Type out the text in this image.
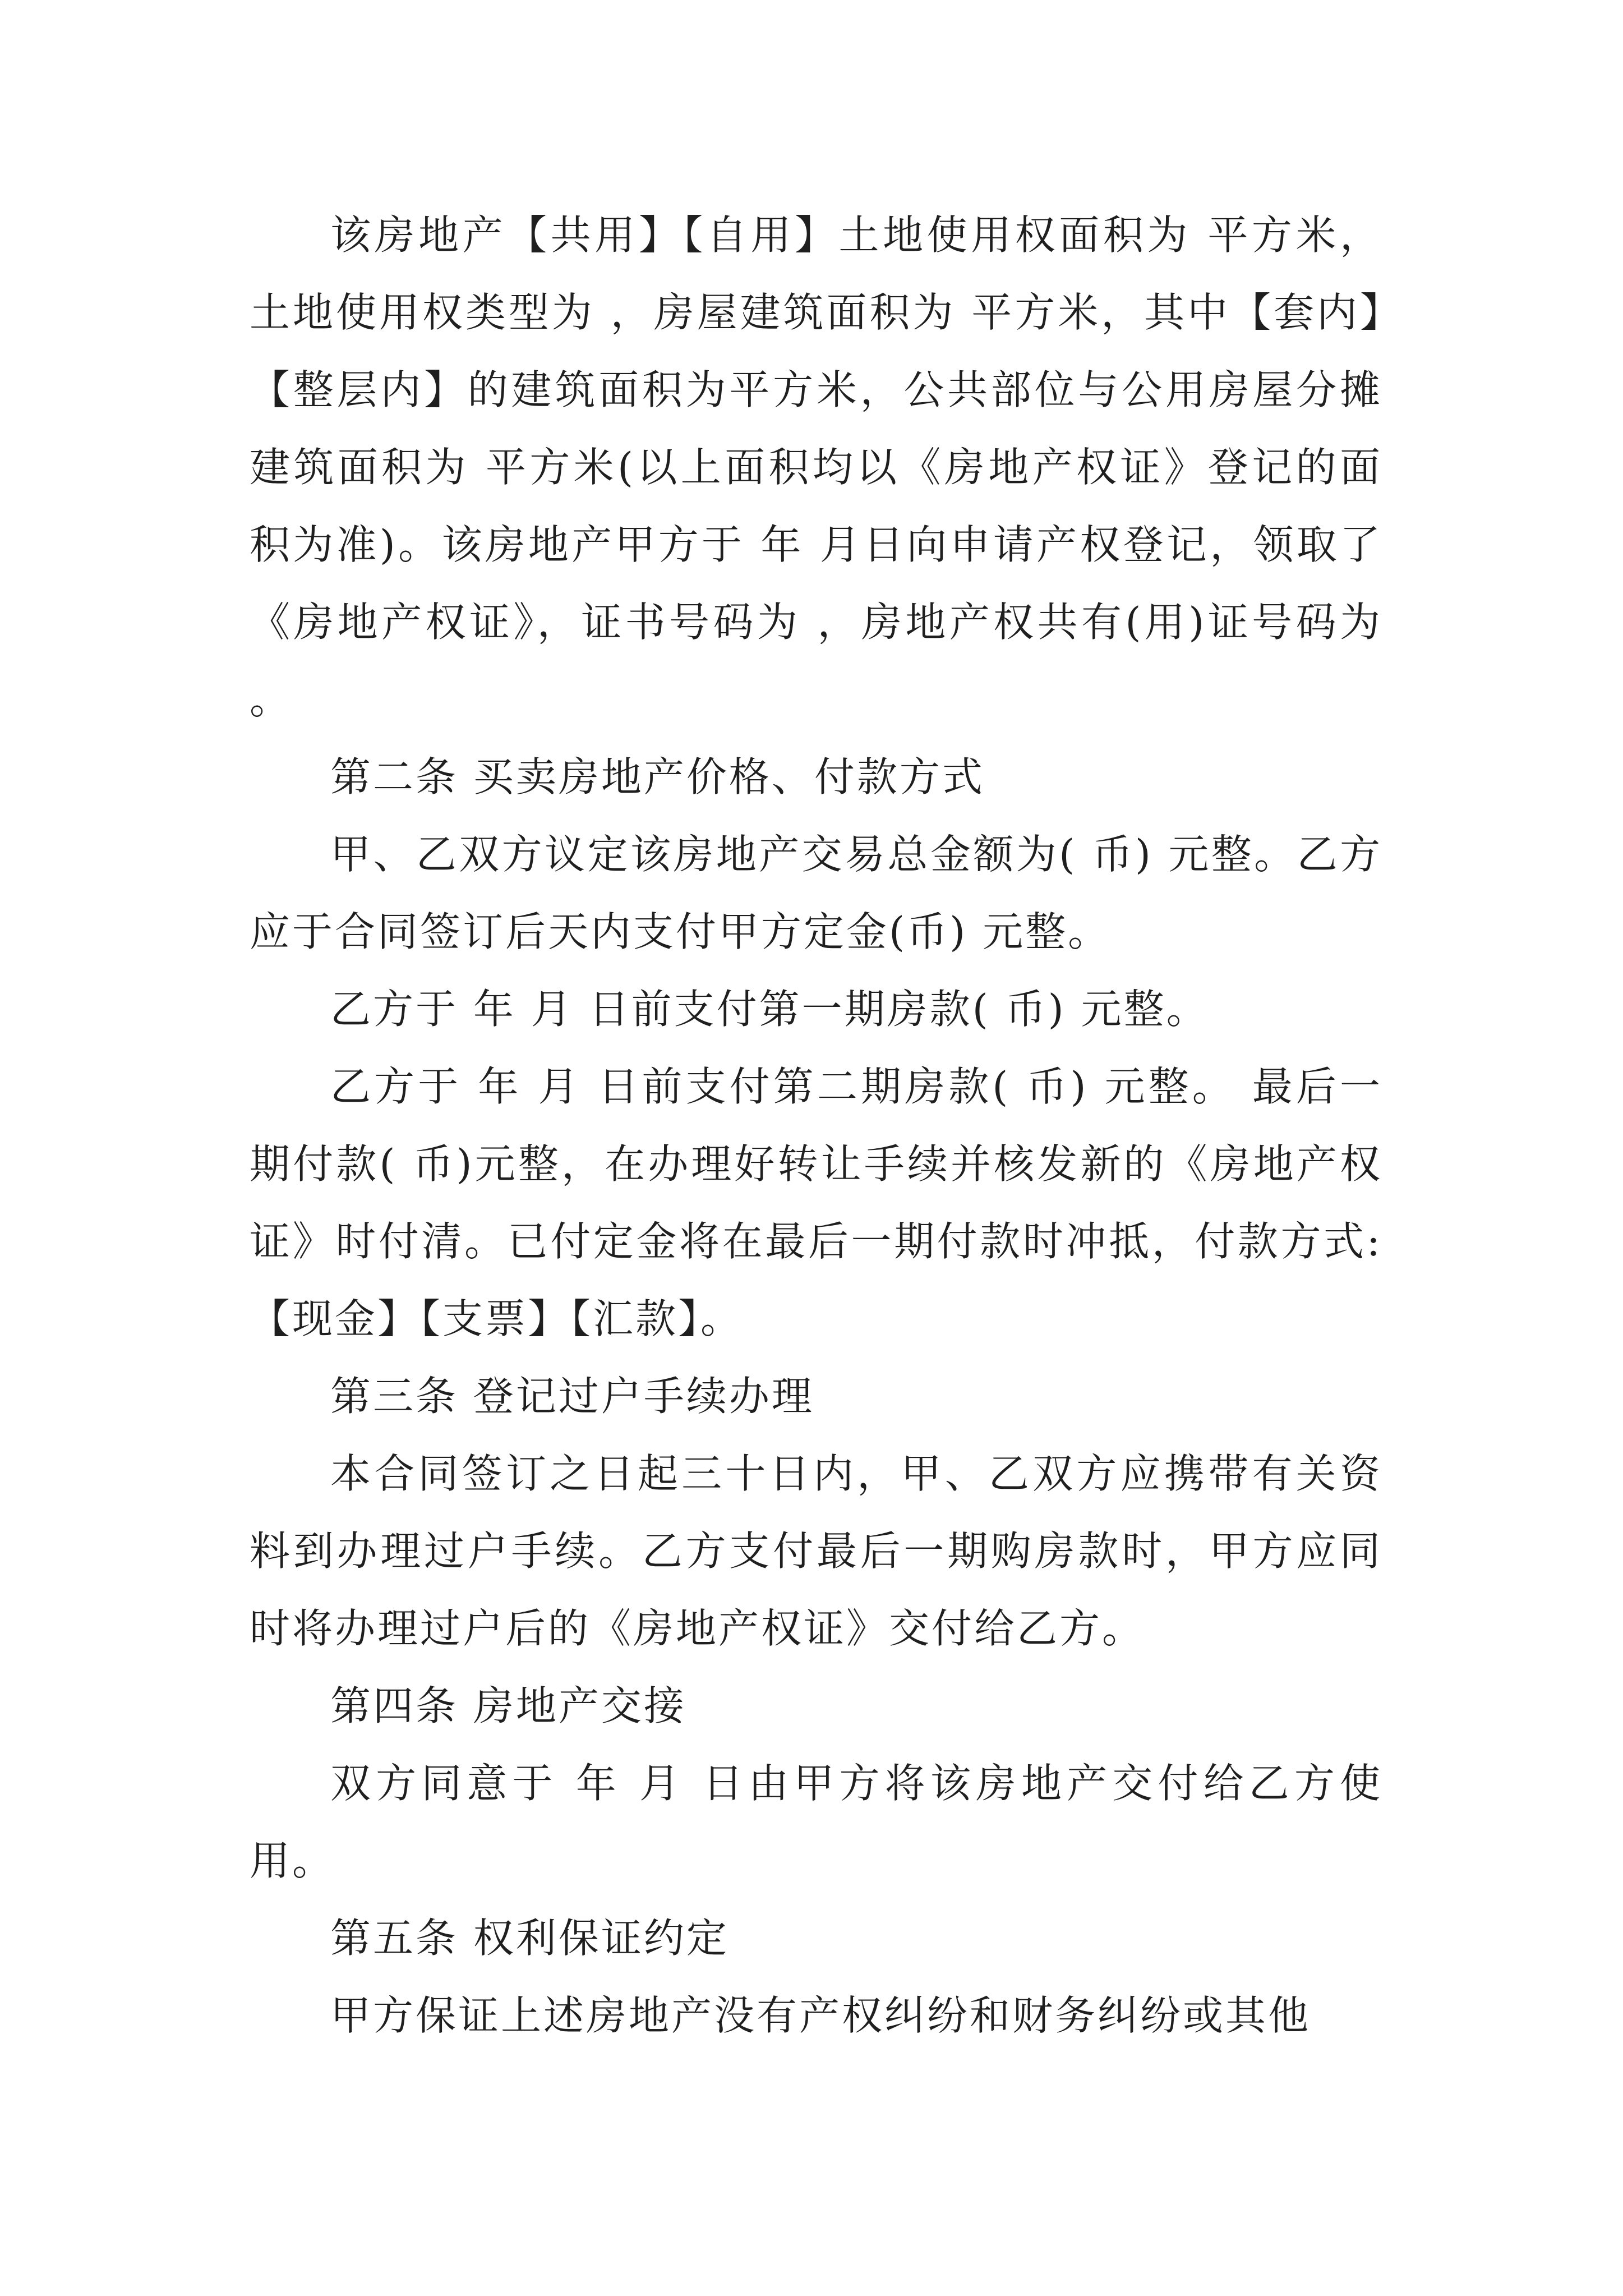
该房地产【共用】【自用】土地使用权面积为 平方米，土地使用权类型为 ，房屋建筑面积为 平方米，其中【套内】【整层内】的建筑面积为平方米，公共部位与公用房屋分摊建筑面积为 平方米(以上面积均以《房地产权证》登记的面积为准)。该房地产甲方于 年 月日向申请产权登记，领取了《房地产权证》，证书号码为 ，房地产权共有(用)证号码为 。

第二条 买卖房地产价格、付款方式

甲、乙双方议定该房地产交易总金额为( 币) 元整。乙方应于合同签订后天内支付甲方定金(币) 元整。

乙方于 年 月 日前支付第一期房款( 币) 元整。

乙方于 年 月 日前支付第二期房款( 币) 元整。 最后一期付款( 币)元整，在办理好转让手续并核发新的《房地产权证》时付清。已付定金将在最后一期付款时冲抵，付款方式:【现金】【支票】【汇款】。

第三条 登记过户手续办理

本合同签订之日起三十日内，甲、乙双方应携带有关资料到办理过户手续。乙方支付最后一期购房款时，甲方应同时将办理过户后的《房地产权证》交付给乙方。

第四条 房地产交接

双方同意于 年 月 日由甲方将该房地产交付给乙方使用。

第五条 权利保证约定

甲方保证上述房地产没有产权纠纷和财务纠纷或其他
